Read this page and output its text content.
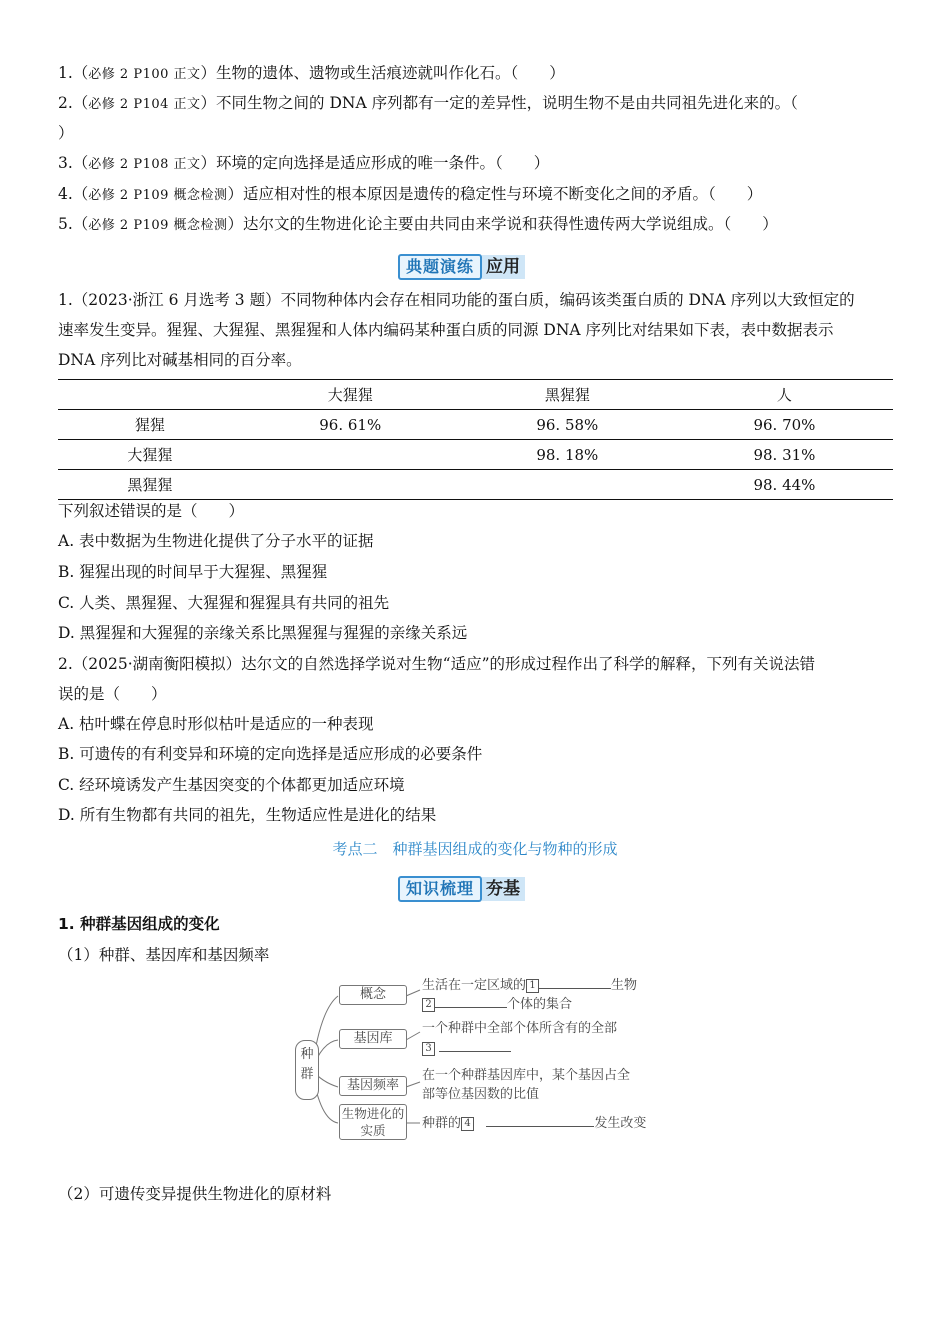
1.（必修 2 P100 正文）生物的遗体、遗物或生活痕迹就叫作化石。（　　）
2.（必修 2 P104 正文）不同生物之间的 DNA 序列都有一定的差异性，说明生物不是由共同祖先进化来的。（
）
3.（必修 2 P108 正文）环境的定向选择是适应形成的唯一条件。（　　）
4.（必修 2 P109 概念检测）适应相对性的根本原因是遗传的稳定性与环境不断变化之间的矛盾。（　　）
5.（必修 2 P109 概念检测）达尔文的生物进化论主要由共同由来学说和获得性遗传两大学说组成。（　　）
典题演练 应用
1.（2023·浙江 6 月选考 3 题）不同物种体内会存在相同功能的蛋白质，编码该类蛋白质的 DNA 序列以大致恒定的
速率发生变异。猩猩、大猩猩、黑猩猩和人体内编码某种蛋白质的同源 DNA 序列比对结果如下表，表中数据表示
DNA 序列比对碱基相同的百分率。
	大猩猩	黑猩猩	人
猩猩	96. 61%	96. 58%	96. 70%
大猩猩		98. 18%	98. 31%
黑猩猩			98. 44%
下列叙述错误的是（　　）
A. 表中数据为生物进化提供了分子水平的证据
B. 猩猩出现的时间早于大猩猩、黑猩猩
C. 人类、黑猩猩、大猩猩和猩猩具有共同的祖先
D. 黑猩猩和大猩猩的亲缘关系比黑猩猩与猩猩的亲缘关系远
2.（2025·湖南衡阳模拟）达尔文的自然选择学说对生物“适应”的形成过程作出了科学的解释，下列有关说法错
误的是（　　）
A. 枯叶蝶在停息时形似枯叶是适应的一种表现
B. 可遗传的有利变异和环境的定向选择是适应形成的必要条件
C. 经环境诱发产生基因突变的个体都更加适应环境
D. 所有生物都有共同的祖先，生物适应性是进化的结果
考点二　种群基因组成的变化与物种的形成
知识梳理 夯基
1. 种群基因组成的变化
（1）种群、基因库和基因频率
种群
概念
基因库
基因频率
生物进化的实质
生活在一定区域的 1	生物
2	个体的集合
一个种群中全部个体所含有的全部
3
在一个种群基因库中，某个基因占全
部等位基因数的比值
种群的 4	发生改变
（2）可遗传变异提供生物进化的原材料
